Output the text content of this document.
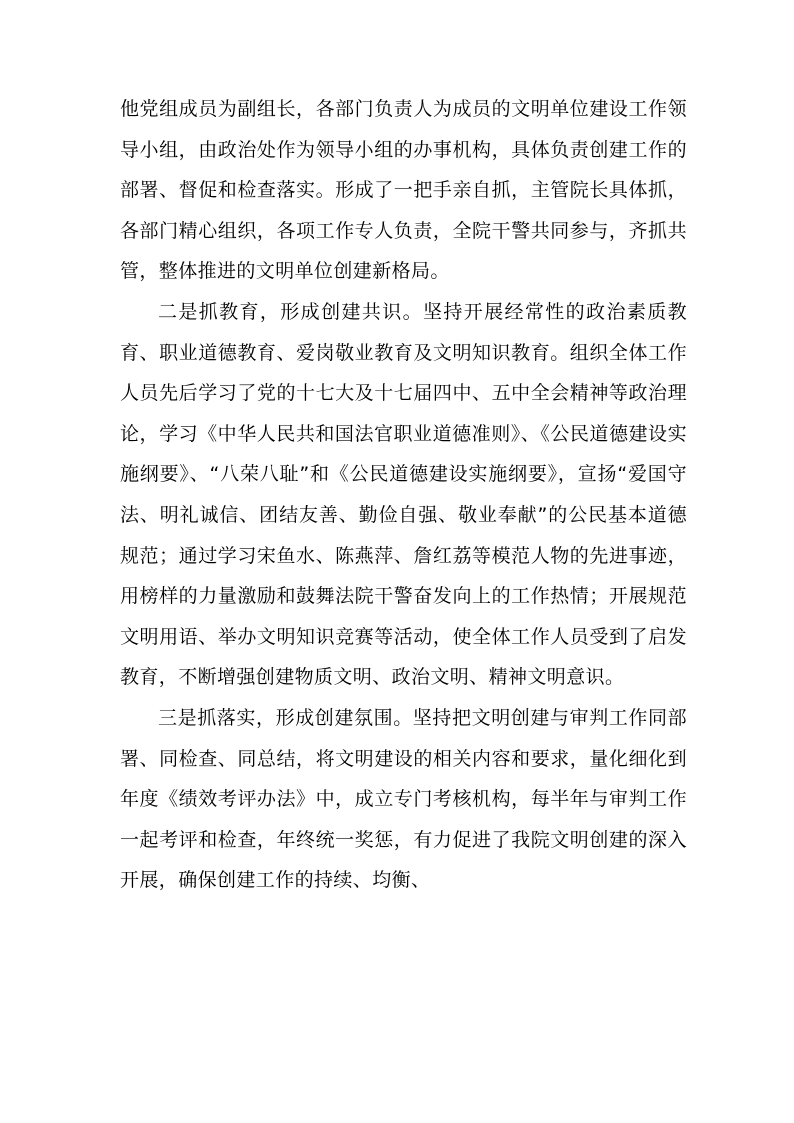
他党组成员为副组长，各部门负责人为成员的文明单位建设工作领导小组，由政治处作为领导小组的办事机构，具体负责创建工作的部署、督促和检查落实。形成了一把手亲自抓，主管院长具体抓，各部门精心组织，各项工作专人负责，全院干警共同参与，齐抓共管，整体推进的文明单位创建新格局。

二是抓教育，形成创建共识。坚持开展经常性的政治素质教育、职业道德教育、爱岗敬业教育及文明知识教育。组织全体工作人员先后学习了党的十七大及十七届四中、五中全会精神等政治理论，学习《中华人民共和国法官职业道德准则》、《公民道德建设实施纲要》、“八荣八耻”和《公民道德建设实施纲要》，宣扬“爱国守法、明礼诚信、团结友善、勤俭自强、敬业奉献”的公民基本道德规范；通过学习宋鱼水、陈燕萍、詹红荔等模范人物的先进事迹，用榜样的力量激励和鼓舞法院干警奋发向上的工作热情；开展规范文明用语、举办文明知识竞赛等活动，使全体工作人员受到了启发教育，不断增强创建物质文明、政治文明、精神文明意识。

三是抓落实，形成创建氛围。坚持把文明创建与审判工作同部署、同检查、同总结，将文明建设的相关内容和要求，量化细化到年度《绩效考评办法》中，成立专门考核机构，每半年与审判工作一起考评和检查，年终统一奖惩，有力促进了我院文明创建的深入开展，确保创建工作的持续、均衡、
